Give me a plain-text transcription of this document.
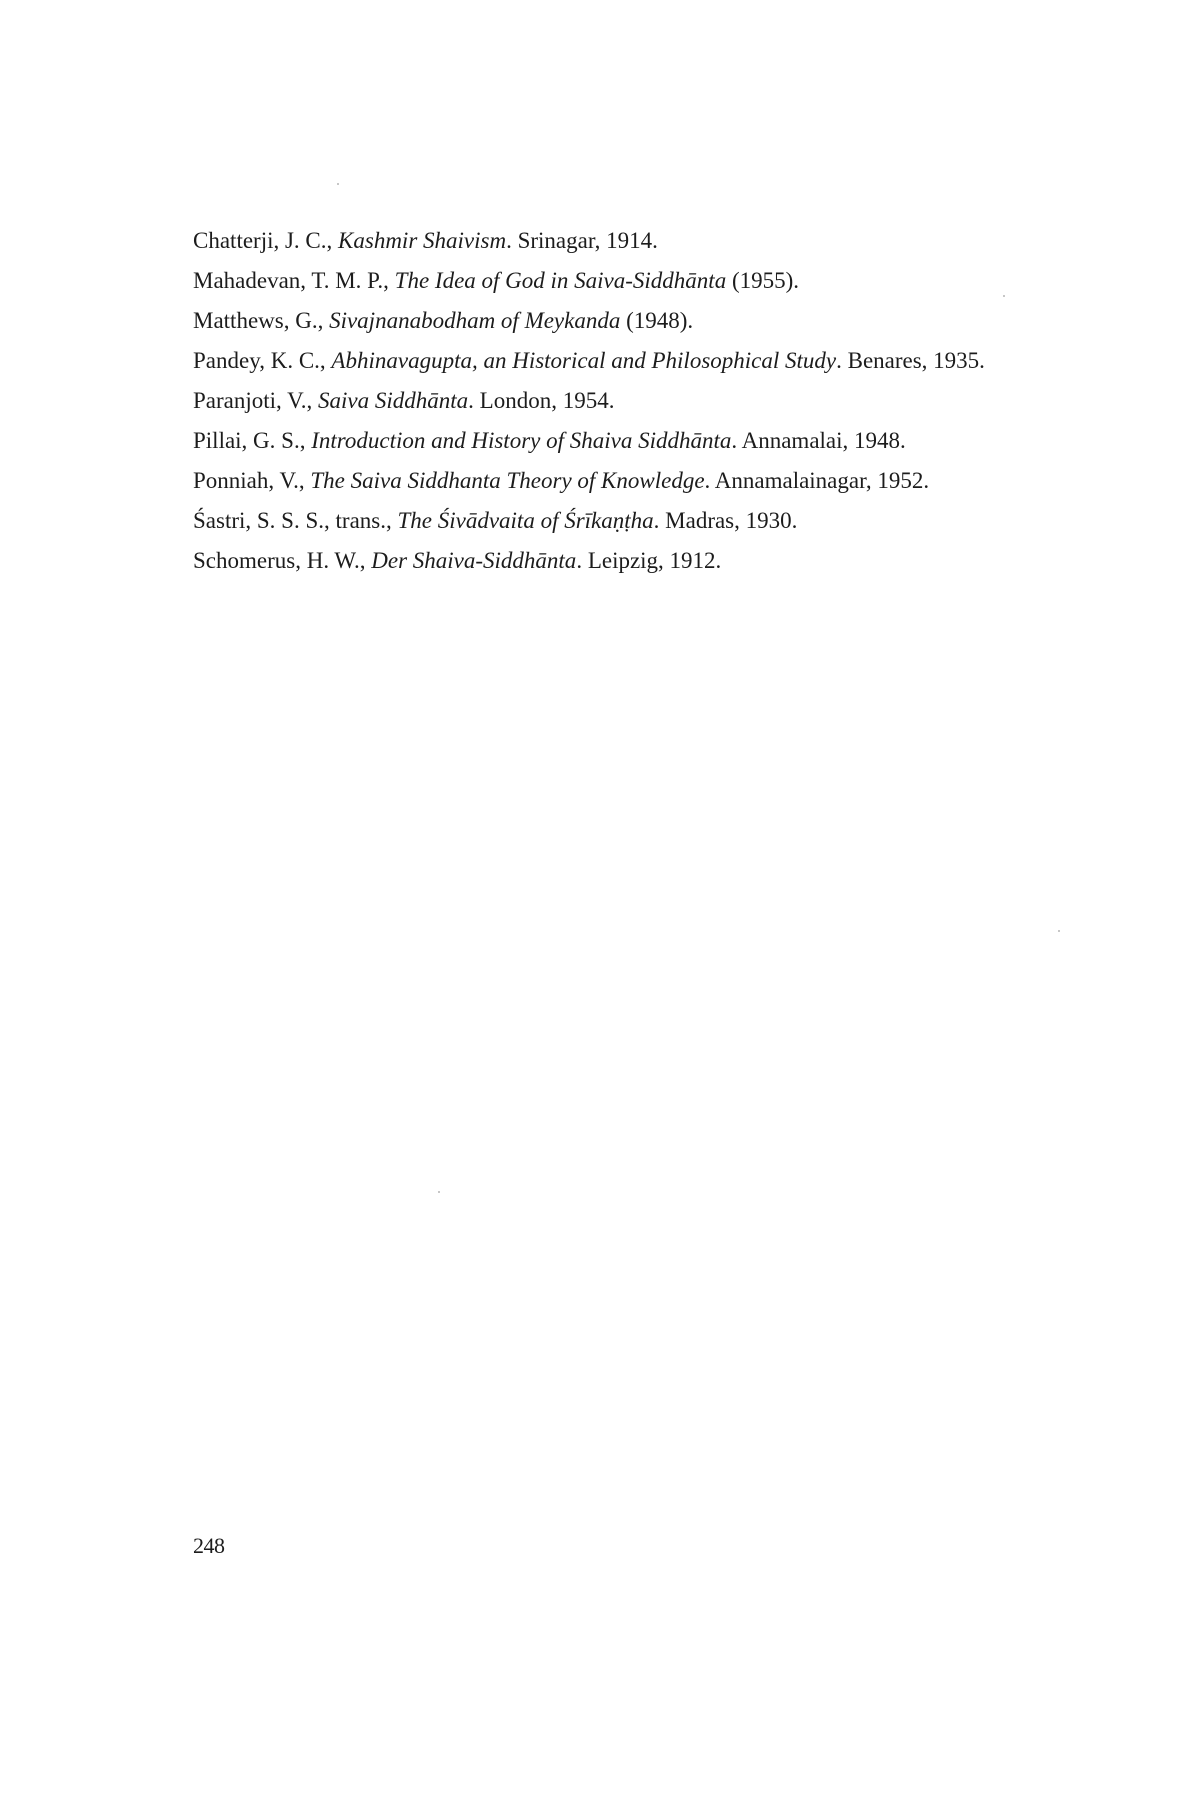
Chatterji, J. C., Kashmir Shaivism. Srinagar, 1914.

Mahadevan, T. M. P., The Idea of God in Saiva-Siddhānta (1955).

Matthews, G., Sivajnanabodham of Meykanda (1948).

Pandey, K. C., Abhinavagupta, an Historical and Philosophical Study. Benares, 1935.

Paranjoti, V., Saiva Siddhānta. London, 1954.

Pillai, G. S., Introduction and History of Shaiva Siddhānta. Annamalai, 1948.

Ponniah, V., The Saiva Siddhanta Theory of Knowledge. Annamalainagar, 1952.

Śastri, S. S. S., trans., The Śivādvaita of Śrīkaṇṭha. Madras, 1930.

Schomerus, H. W., Der Shaiva-Siddhānta. Leipzig, 1912.

248
